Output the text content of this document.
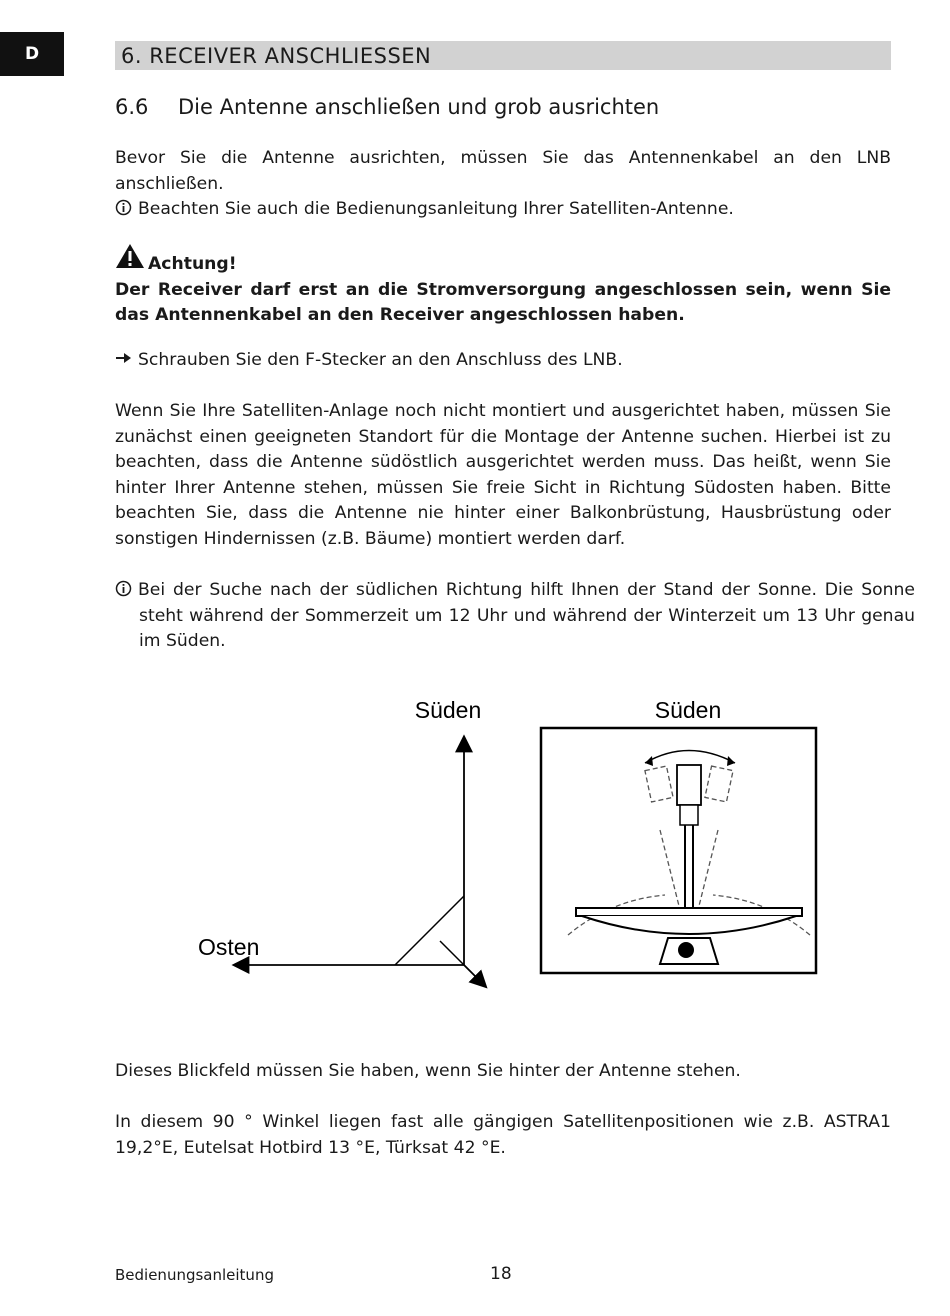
D	6. RECEIVER ANSCHLIESSEN
6.6 Die Antenne anschließen und grob ausrichten
Bevor Sie die Antenne ausrichten, müssen Sie das Antennenkabel an den LNB anschließen.
Beachten Sie auch die Bedienungsanleitung Ihrer Satelliten-Antenne.
Achtung!
Der Receiver darf erst an die Stromversorgung angeschlossen sein, wenn Sie das Antennenkabel an den Receiver angeschlossen haben.
Schrauben Sie den F-Stecker an den Anschluss des LNB.
Wenn Sie Ihre Satelliten-Anlage noch nicht montiert und ausgerichtet haben, müssen Sie zunächst einen geeigneten Standort für die Montage der Antenne suchen. Hierbei ist zu beachten, dass die Antenne südöstlich ausgerichtet werden muss. Das heißt, wenn Sie hinter Ihrer Antenne stehen, müssen Sie freie Sicht in Richtung Südosten haben. Bitte beachten Sie, dass die Antenne nie hinter einer Balkonbrüstung, Hausbrüstung oder sonstigen Hindernissen (z.B. Bäume) montiert werden darf.
Bei der Suche nach der südlichen Richtung hilft Ihnen der Stand der Sonne. Die Sonne steht während der Sommerzeit um 12 Uhr und während der Winterzeit um 13 Uhr genau im Süden.
Süden	Süden
Osten
Dieses Blickfeld müssen Sie haben, wenn Sie hinter der Antenne stehen.
In diesem 90 ° Winkel liegen fast alle gängigen Satellitenpositionen wie z.B. ASTRA1 19,2°E, Eutelsat Hotbird 13 °E, Türksat 42 °E.
Bedienungsanleitung	18
